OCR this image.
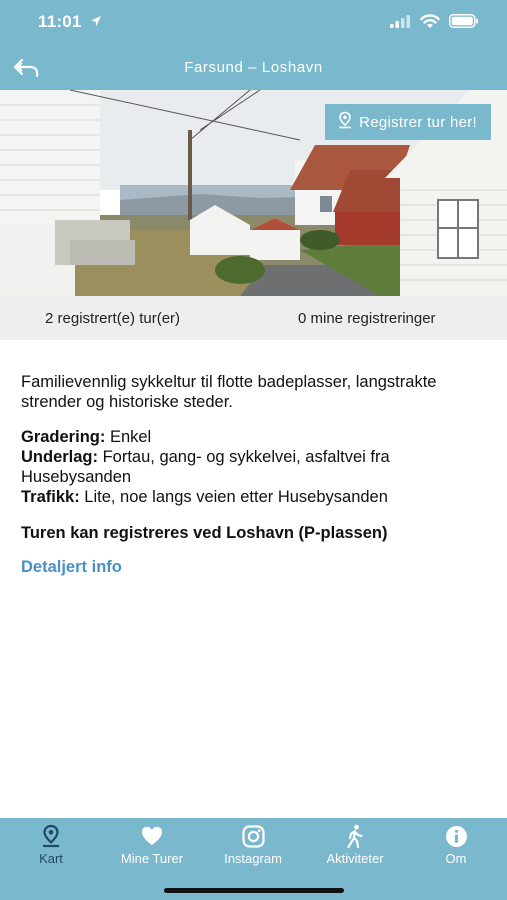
11:01
Farsund – Loshavn
Registrer tur her!
2 registrert(e) tur(er)	0 mine registreringer

Familievennlig sykkeltur til flotte badeplasser, langstrakte strender og historiske steder.

Gradering: Enkel

Underlag: Fortau, gang- og sykkelvei, asfaltvei fra Husebysanden

Trafikk: Lite, noe langs veien etter Husebysanden

Turen kan registreres ved Loshavn (P-plassen)

Detaljert info
Kart	Mine Turer	Instagram	Aktiviteter	Om
